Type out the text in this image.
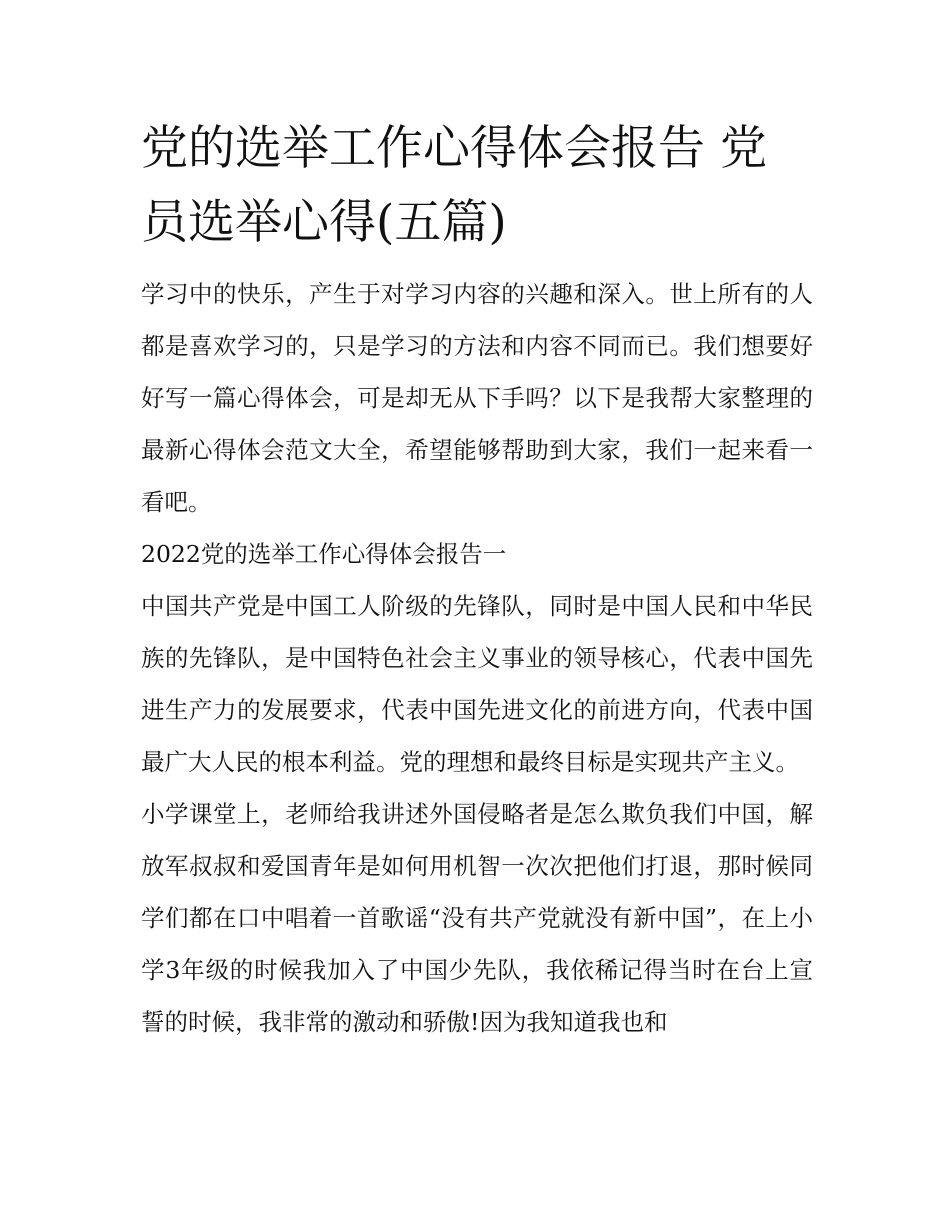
党的选举工作心得体会报告 党员选举心得(五篇)

学习中的快乐，产生于对学习内容的兴趣和深入。世上所有的人都是喜欢学习的，只是学习的方法和内容不同而已。我们想要好好写一篇心得体会，可是却无从下手吗？以下是我帮大家整理的最新心得体会范文大全，希望能够帮助到大家，我们一起来看一看吧。

2022党的选举工作心得体会报告一

中国共产党是中国工人阶级的先锋队，同时是中国人民和中华民族的先锋队，是中国特色社会主义事业的领导核心，代表中国先进生产力的发展要求，代表中国先进文化的前进方向，代表中国最广大人民的根本利益。党的理想和最终目标是实现共产主义。

小学课堂上，老师给我讲述外国侵略者是怎么欺负我们中国，解放军叔叔和爱国青年是如何用机智一次次把他们打退，那时候同学们都在口中唱着一首歌谣“没有共产党就没有新中国”，在上小学3年级的时候我加入了中国少先队，我依稀记得当时在台上宣誓的时候，我非常的激动和骄傲!因为我知道我也和
